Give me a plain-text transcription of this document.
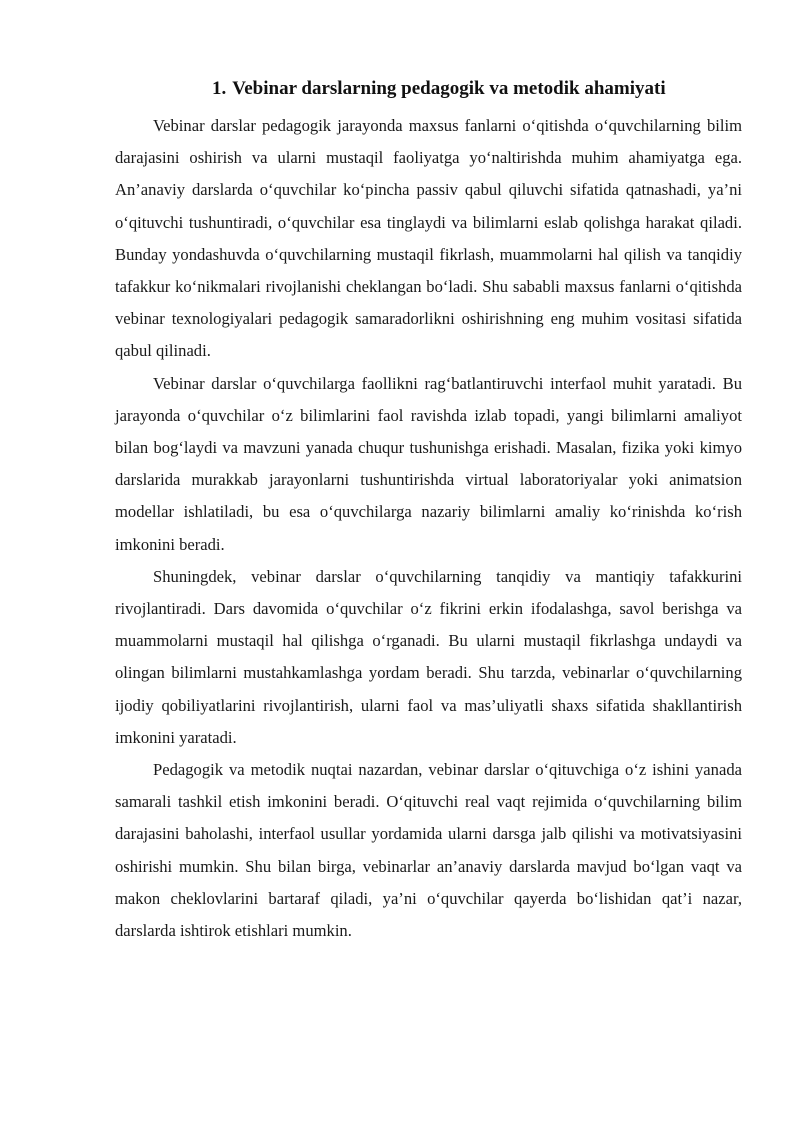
1. Vebinar darslarning pedagogik va metodik ahamiyati

Vebinar darslar pedagogik jarayonda maxsus fanlarni o‘qitishda o‘quvchilarning bilim darajasini oshirish va ularni mustaqil faoliyatga yo‘naltirishda muhim ahamiyatga ega. An’anaviy darslarda o‘quvchilar ko‘pincha passiv qabul qiluvchi sifatida qatnashadi, ya’ni o‘qituvchi tushuntiradi, o‘quvchilar esa tinglaydi va bilimlarni eslab qolishga harakat qiladi. Bunday yondashuvda o‘quvchilarning mustaqil fikrlash, muammolarni hal qilish va tanqidiy tafakkur ko‘nikmalari rivojlanishi cheklangan bo‘ladi. Shu sababli maxsus fanlarni o‘qitishda vebinar texnologiyalari pedagogik samaradorlikni oshirishning eng muhim vositasi sifatida qabul qilinadi.

Vebinar darslar o‘quvchilarga faollikni rag‘batlantiruvchi interfaol muhit yaratadi. Bu jarayonda o‘quvchilar o‘z bilimlarini faol ravishda izlab topadi, yangi bilimlarni amaliyot bilan bog‘laydi va mavzuni yanada chuqur tushunishga erishadi. Masalan, fizika yoki kimyo darslarida murakkab jarayonlarni tushuntirishda virtual laboratoriyalar yoki animatsion modellar ishlatiladi, bu esa o‘quvchilarga nazariy bilimlarni amaliy ko‘rinishda ko‘rish imkonini beradi.

Shuningdek, vebinar darslar o‘quvchilarning tanqidiy va mantiqiy tafakkurini rivojlantiradi. Dars davomida o‘quvchilar o‘z fikrini erkin ifodalashga, savol berishga va muammolarni mustaqil hal qilishga o‘rganadi. Bu ularni mustaqil fikrlashga undaydi va olingan bilimlarni mustahkamlashga yordam beradi. Shu tarzda, vebinarlar o‘quvchilarning ijodiy qobiliyatlarini rivojlantirish, ularni faol va mas’uliyatli shaxs sifatida shakllantirish imkonini yaratadi.

Pedagogik va metodik nuqtai nazardan, vebinar darslar o‘qituvchiga o‘z ishini yanada samarali tashkil etish imkonini beradi. O‘qituvchi real vaqt rejimida o‘quvchilarning bilim darajasini baholashi, interfaol usullar yordamida ularni darsga jalb qilishi va motivatsiyasini oshirishi mumkin. Shu bilan birga, vebinarlar an’anaviy darslarda mavjud bo‘lgan vaqt va makon cheklovlarini bartaraf qiladi, ya’ni o‘quvchilar qayerda bo‘lishidan qat’i nazar, darslarda ishtirok etishlari mumkin.
